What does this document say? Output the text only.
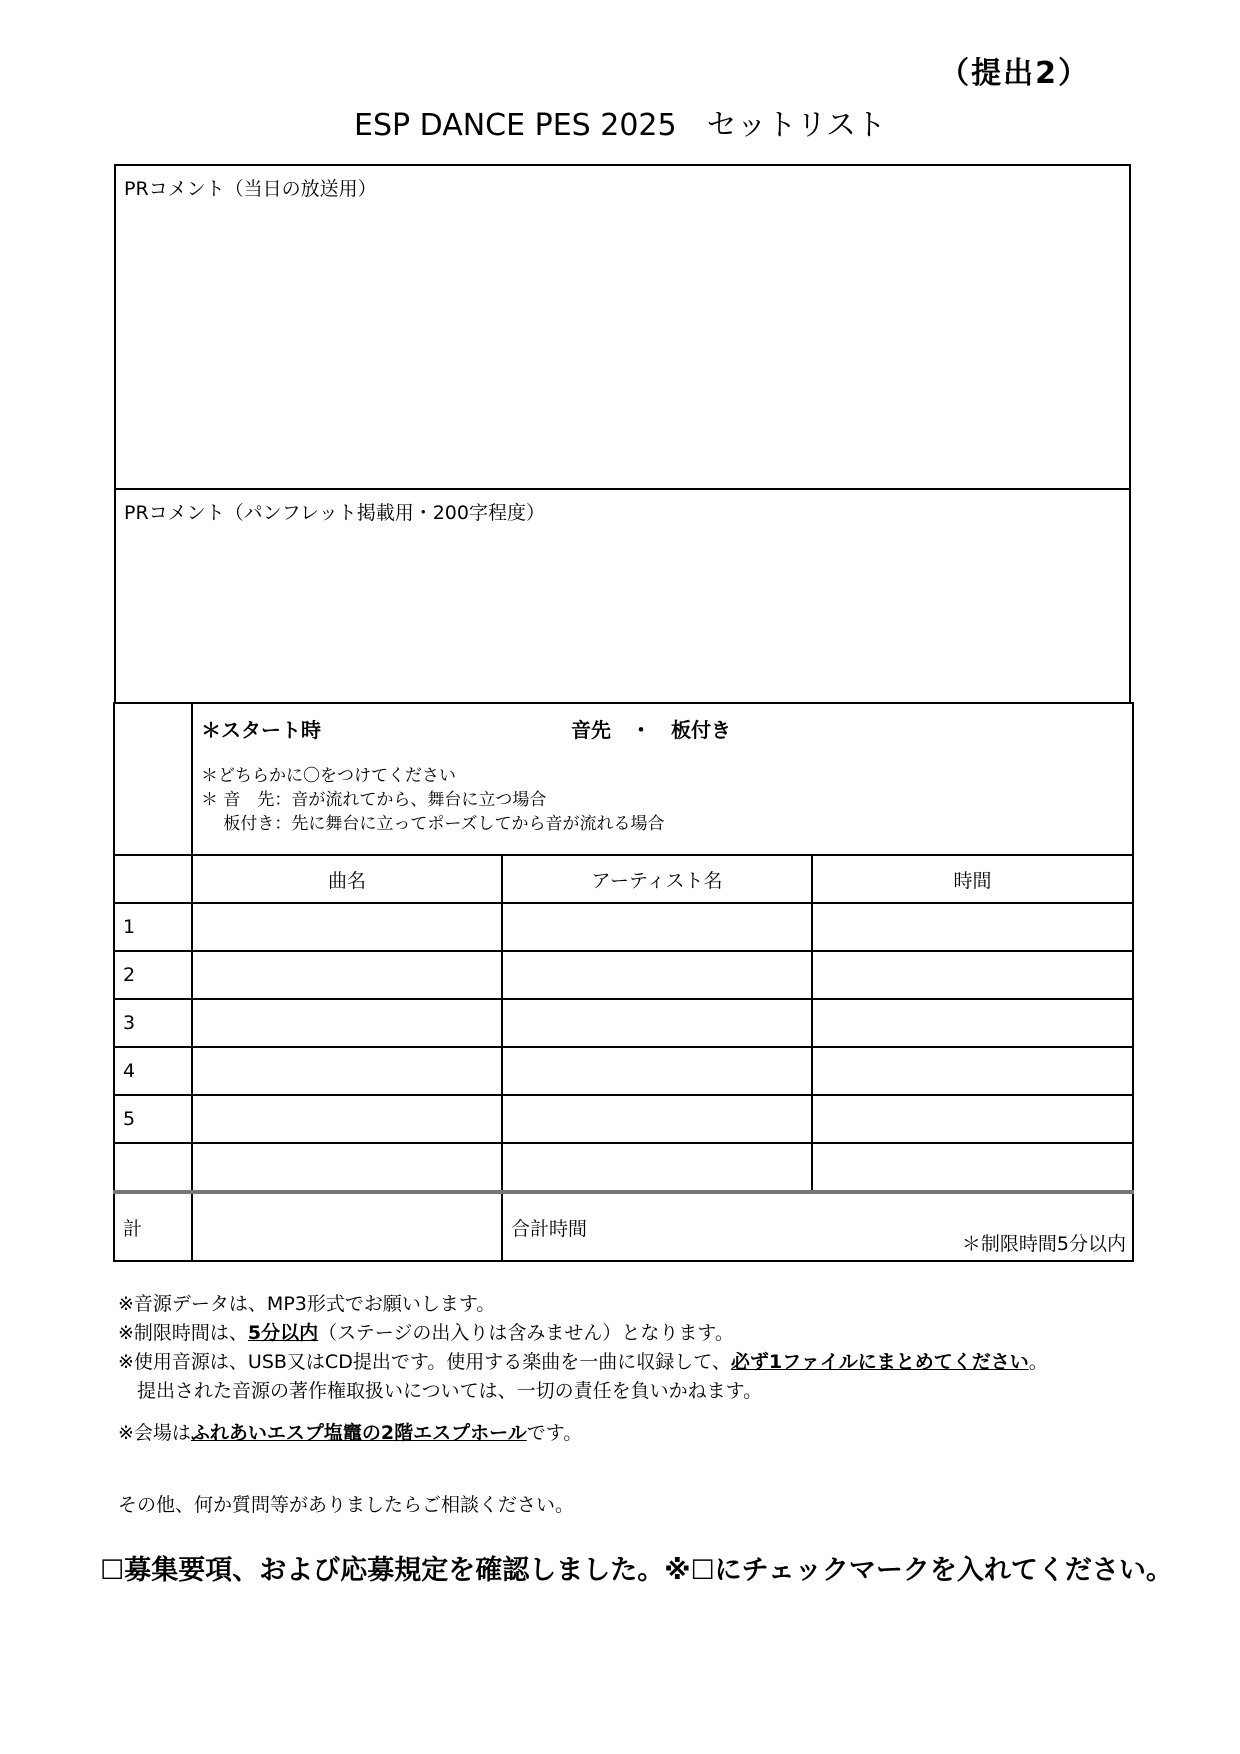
（提出2）
ESP DANCE PES 2025　セットリスト
PRコメント（当日の放送用）
PRコメント（パンフレット掲載用・200字程度）

	＊スタート時 音先　・　板付き
＊どちらかに〇をつけてください
＊ 音　先：音が流れてから、舞台に立つ場合
　 板付き：先に舞台に立ってポーズしてから音が流れる場合		

	曲名	アーティスト名	時間
1			
2			
3			
4			
5			

計		合計時間
＊制限時間5分以内	
※音源データは、MP3形式でお願いします。
※制限時間は、5分以内（ステージの出入りは含みません）となります。
※使用音源は、USB又はCD提出です。使用する楽曲を一曲に収録して、必ず1ファイルにまとめてください。
　提出された音源の著作権取扱いについては、一切の責任を負いかねます。
※会場はふれあいエスプ塩竈の2階エスプホールです。
その他、何か質問等がありましたらご相談ください。
☐募集要項、および応募規定を確認しました。※☐にチェックマークを入れてください。
